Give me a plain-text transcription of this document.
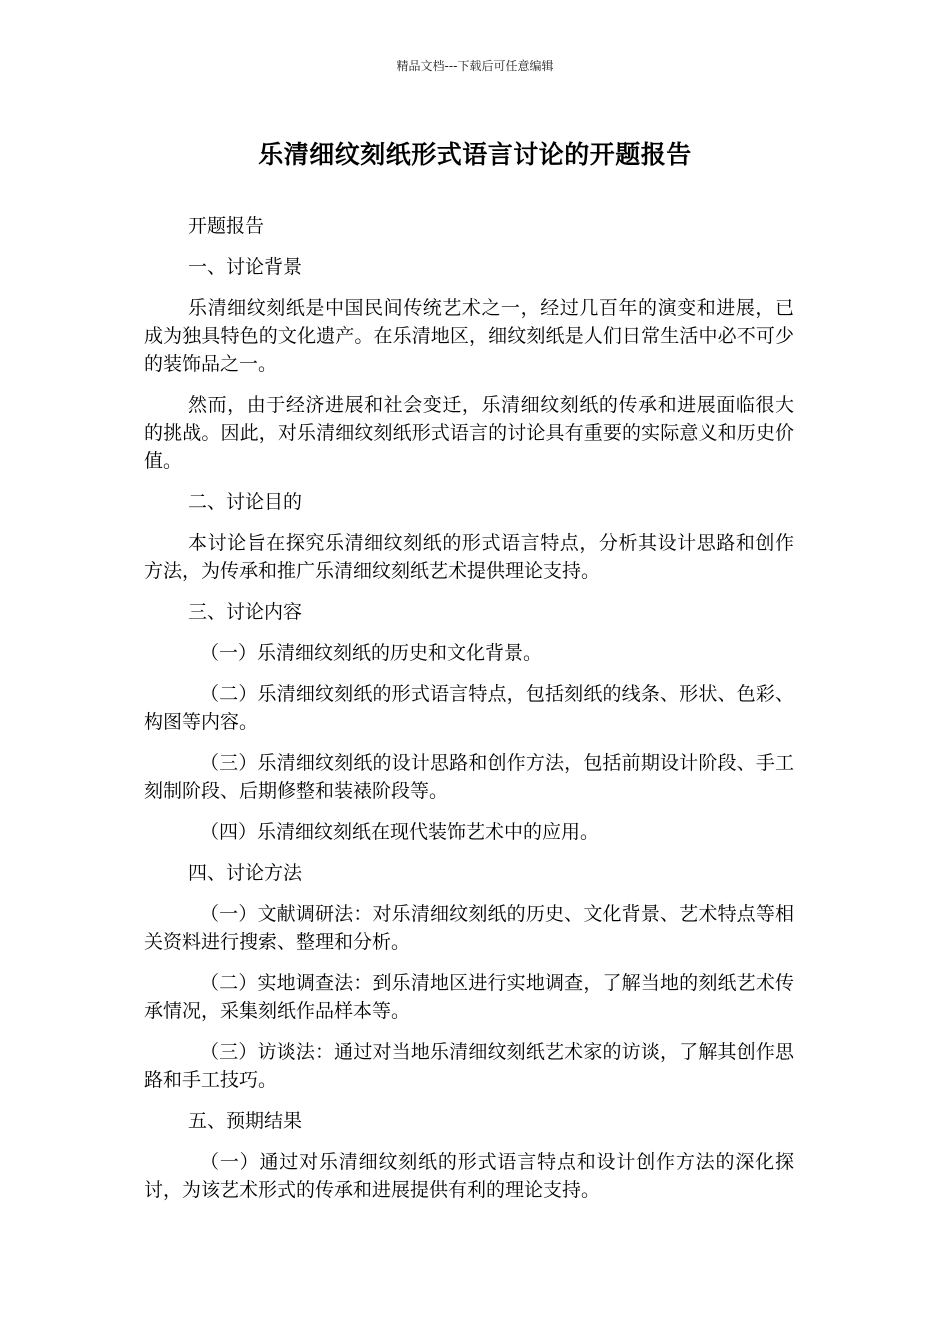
精品文档---下载后可任意编辑
乐清细纹刻纸形式语言讨论的开题报告

开题报告

一、讨论背景

乐清细纹刻纸是中国民间传统艺术之一，经过几百年的演变和进展，已成为独具特色的文化遗产。在乐清地区，细纹刻纸是人们日常生活中必不可少的装饰品之一。

然而，由于经济进展和社会变迁，乐清细纹刻纸的传承和进展面临很大的挑战。因此，对乐清细纹刻纸形式语言的讨论具有重要的实际意义和历史价值。

二、讨论目的

本讨论旨在探究乐清细纹刻纸的形式语言特点，分析其设计思路和创作方法，为传承和推广乐清细纹刻纸艺术提供理论支持。

三、讨论内容

（一）乐清细纹刻纸的历史和文化背景。

（二）乐清细纹刻纸的形式语言特点，包括刻纸的线条、形状、色彩、构图等内容。

（三）乐清细纹刻纸的设计思路和创作方法，包括前期设计阶段、手工刻制阶段、后期修整和装裱阶段等。

（四）乐清细纹刻纸在现代装饰艺术中的应用。

四、讨论方法

（一）文献调研法：对乐清细纹刻纸的历史、文化背景、艺术特点等相关资料进行搜索、整理和分析。

（二）实地调查法：到乐清地区进行实地调查，了解当地的刻纸艺术传承情况，采集刻纸作品样本等。

（三）访谈法：通过对当地乐清细纹刻纸艺术家的访谈，了解其创作思路和手工技巧。

五、预期结果

（一）通过对乐清细纹刻纸的形式语言特点和设计创作方法的深化探讨，为该艺术形式的传承和进展提供有利的理论支持。
